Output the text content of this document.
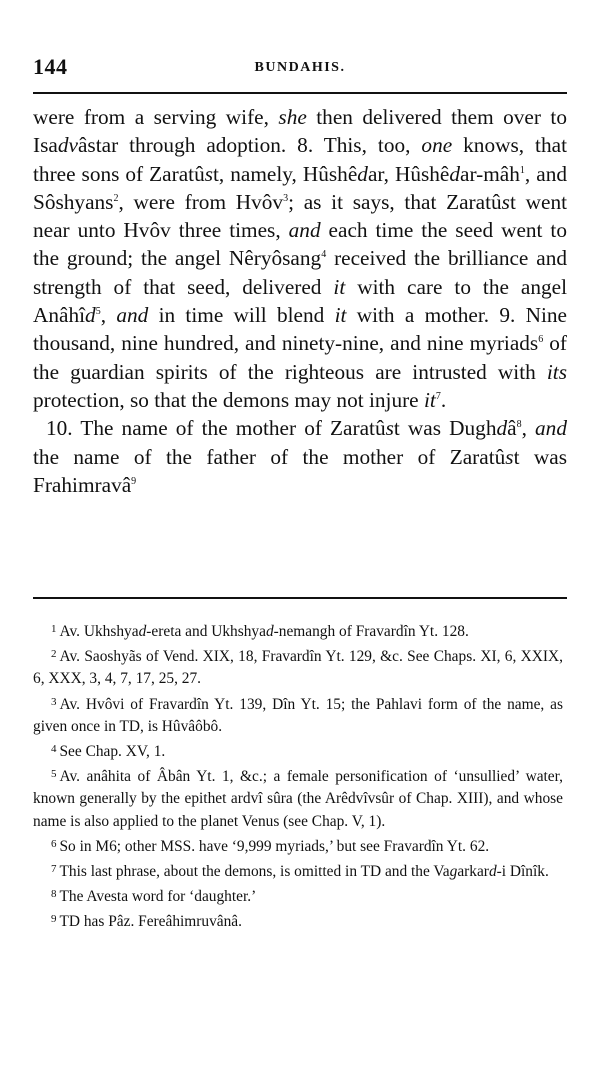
144	BUNDAHIS.

were from a serving wife, she then delivered them over to Isadvâstar through adoption. 8. This, too, one knows, that three sons of Zaratûst, namely, Hûshêdar, Hûshêdar-mâh$^1$, and Sôshyans$^2$, were from Hvôv$^3$; as it says, that Zaratûst went near unto Hvôv three times, and each time the seed went to the ground; the angel Nêryôsang$^4$ received the brilliance and strength of that seed, delivered it with care to the angel Anâhîd$^5$, and in time will blend it with a mother. 9. Nine thousand, nine hundred, and ninety-nine, and nine myriads$^6$ of the guardian spirits of the righteous are intrusted with its protection, so that the demons may not injure $it^7$.

10. The name of the mother of Zaratûst was Dughdâ$^8$, and the name of the father of the mother of Zaratûst was Frahimravâ$^9$

$^1$ Av. Ukhshyad-ereta and Ukhshyad-nemangh of Fravardîn Yt. 128.

$^2$ Av. Saoshyãs of Vend. XIX, 18, Fravardîn Yt. 129, &c. See Chaps. XI, 6, XXIX, 6, XXX, 3, 4, 7, 17, 25, 27.

$^3$ Av. Hvôvi of Fravardîn Yt. 139, Dîn Yt. 15; the Pahlavi form of the name, as given once in TD, is Hûvâôbô.

$^4$ See Chap. XV, 1.

$^5$ Av. anâhita of Âbân Yt. 1, &c.; a female personification of ‘unsullied’ water, known generally by the epithet ardvî sûra (the Arêdvîvsûr of Chap. XIII), and whose name is also applied to the planet Venus (see Chap. V, 1).

$^6$ So in M6; other MSS. have ‘9,999 myriads,’ but see Fravardîn Yt. 62.

$^7$ This last phrase, about the demons, is omitted in TD and the Vagarkard-i Dînîk.

$^8$ The Avesta word for ‘daughter.’

$^9$ TD has Pâz. Fereâhimruvânâ.
